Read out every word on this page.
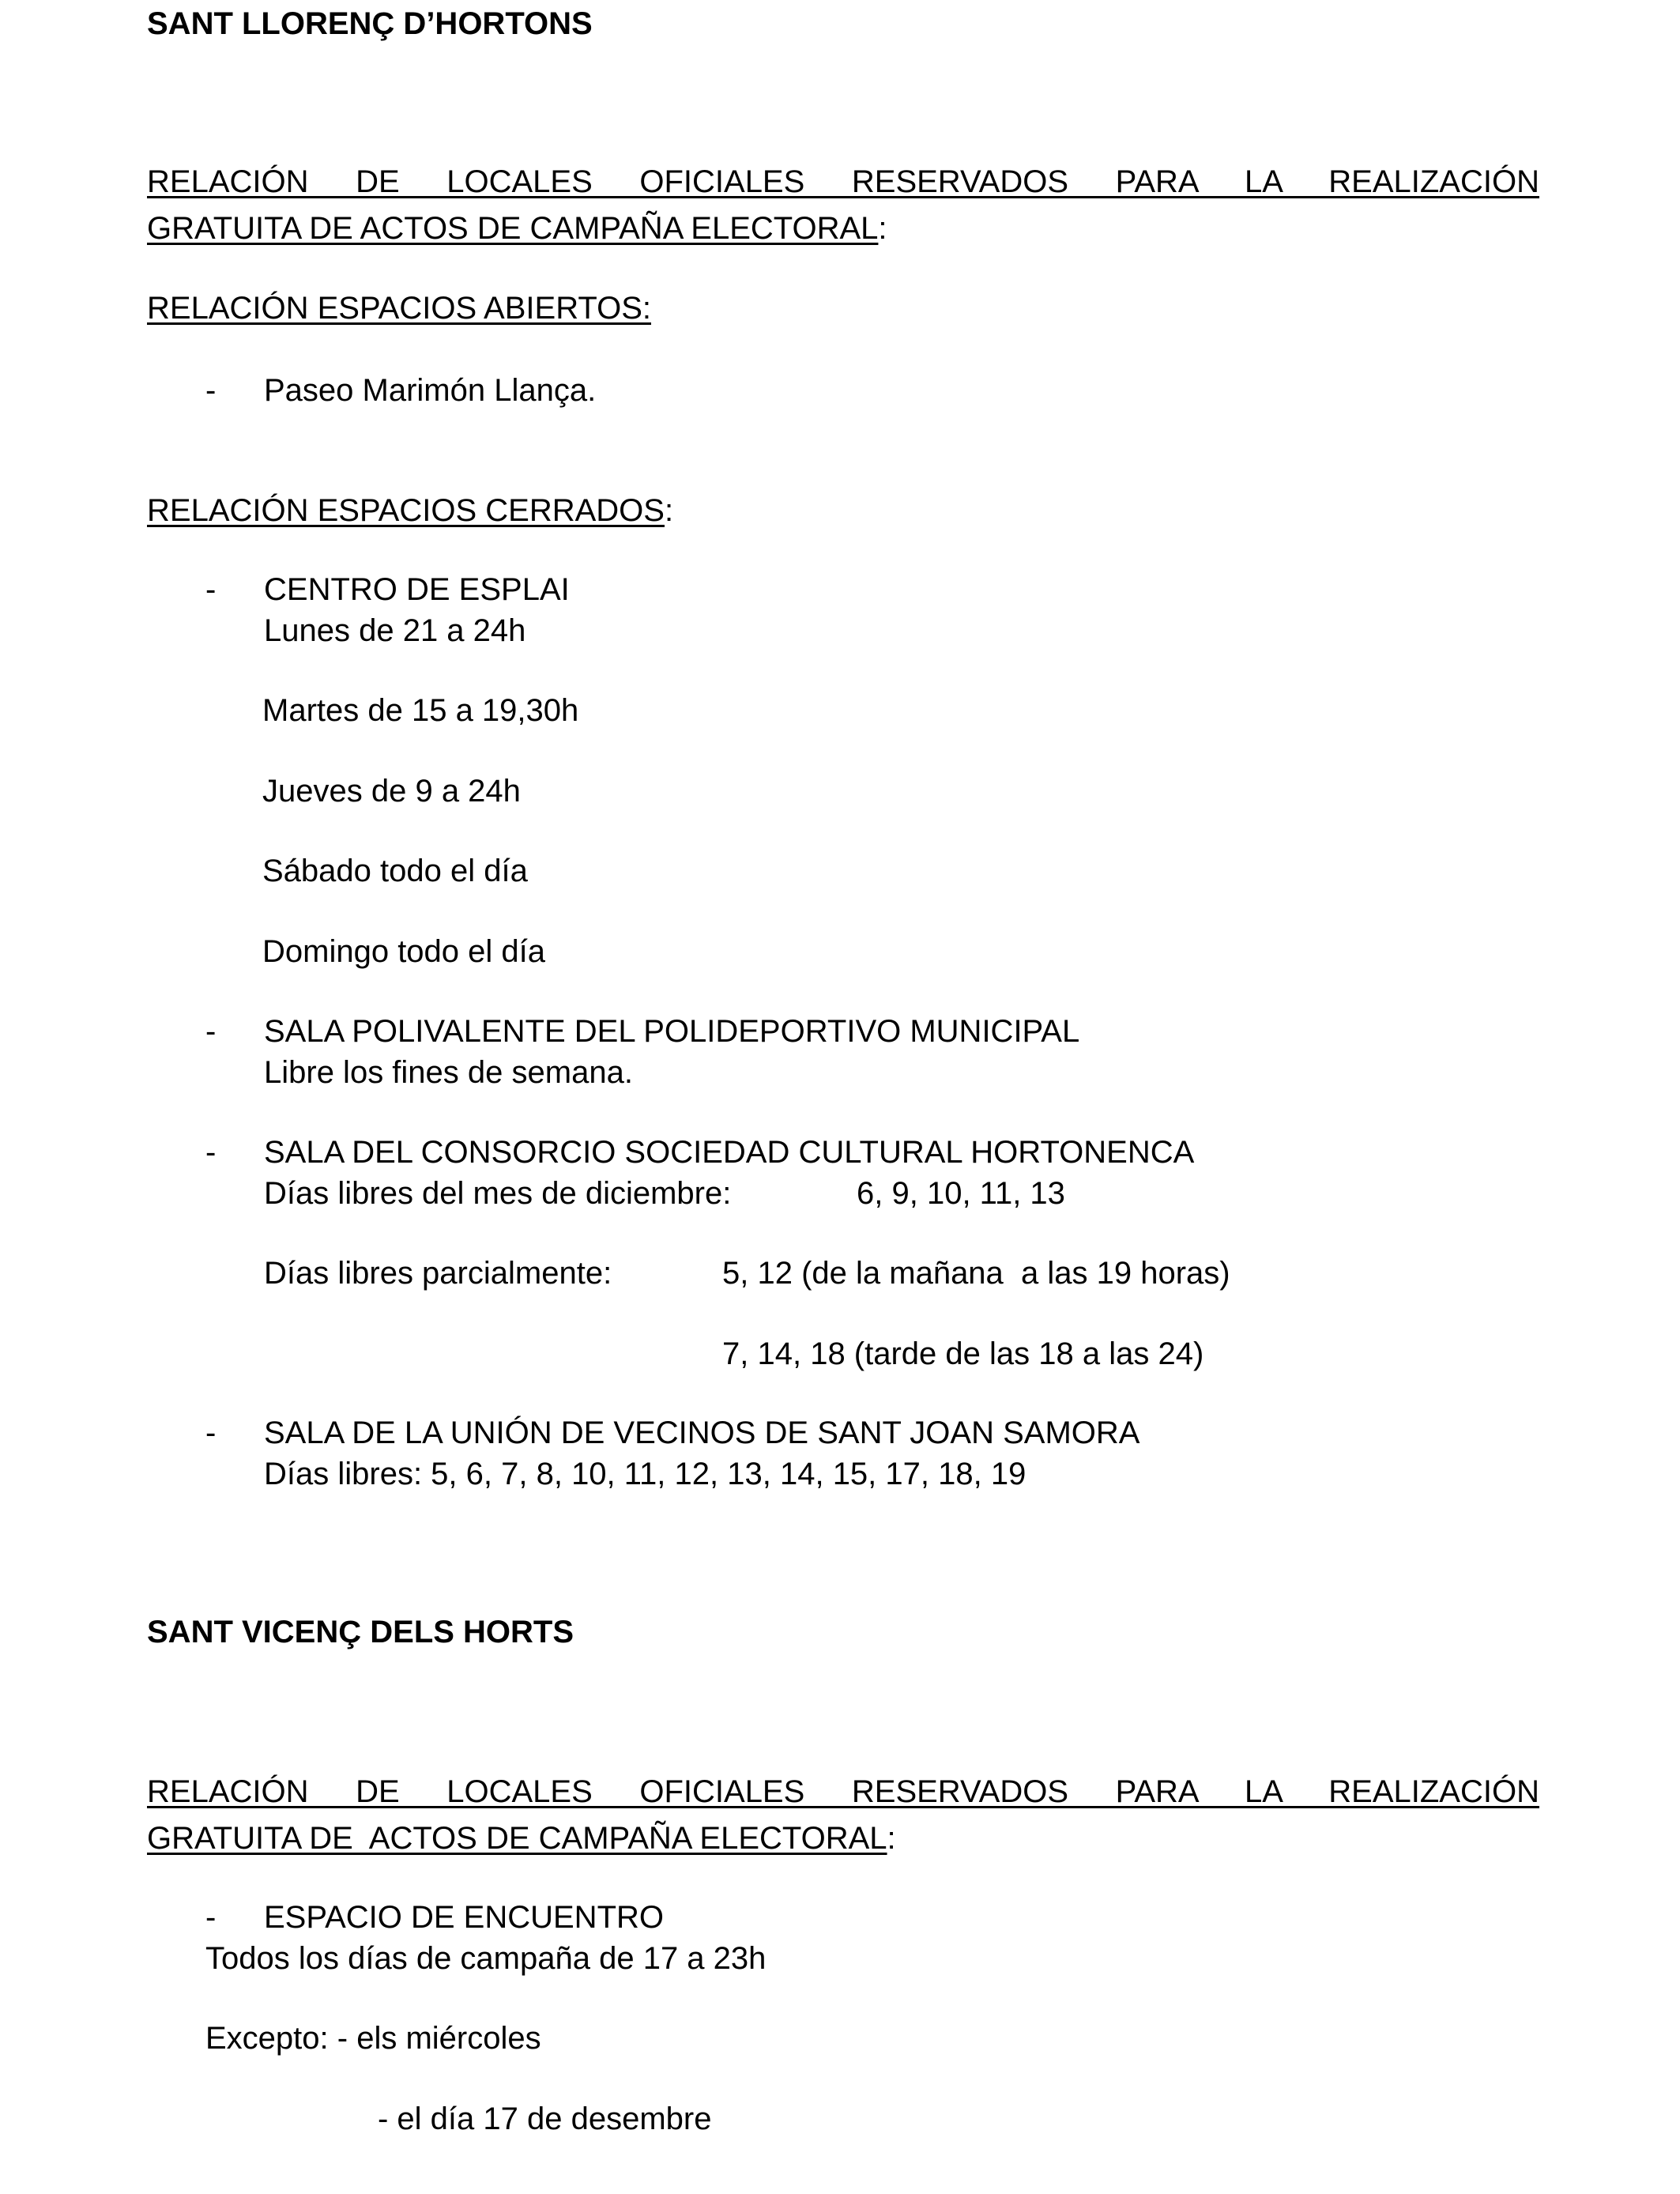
SANT LLORENÇ D’HORTONS

RELACIÓN DE LOCALES OFICIALES RESERVADOS PARA LA REALIZACIÓN

GRATUITA DE ACTOS DE CAMPAÑA ELECTORAL:

RELACIÓN ESPACIOS ABIERTOS:

- Paseo Marimón Llança.

RELACIÓN ESPACIOS CERRADOS:

- CENTRO DE ESPLAI

Lunes de 21 a 24h

Martes de 15 a 19,30h

Jueves de 9 a 24h

Sábado todo el día

Domingo todo el día

- SALA POLIVALENTE DEL POLIDEPORTIVO MUNICIPAL

Libre los fines de semana.

- SALA DEL CONSORCIO SOCIEDAD CULTURAL HORTONENCA

Días libres del mes de diciembre:	6, 9, 10, 11, 13

Días libres parcialmente:	5, 12 (de la mañana  a las 19 horas)

7, 14, 18 (tarde de las 18 a las 24)

- SALA DE LA UNIÓN DE VECINOS DE SANT JOAN SAMORA

Días libres: 5, 6, 7, 8, 10, 11, 12, 13, 14, 15, 17, 18, 19

SANT VICENÇ DELS HORTS

RELACIÓN DE LOCALES OFICIALES RESERVADOS PARA LA REALIZACIÓN

GRATUITA DE  ACTOS DE CAMPAÑA ELECTORAL:

- ESPACIO DE ENCUENTRO

Todos los días de campaña de 17 a 23h

Excepto: - els miércoles

- el día 17 de desembre
